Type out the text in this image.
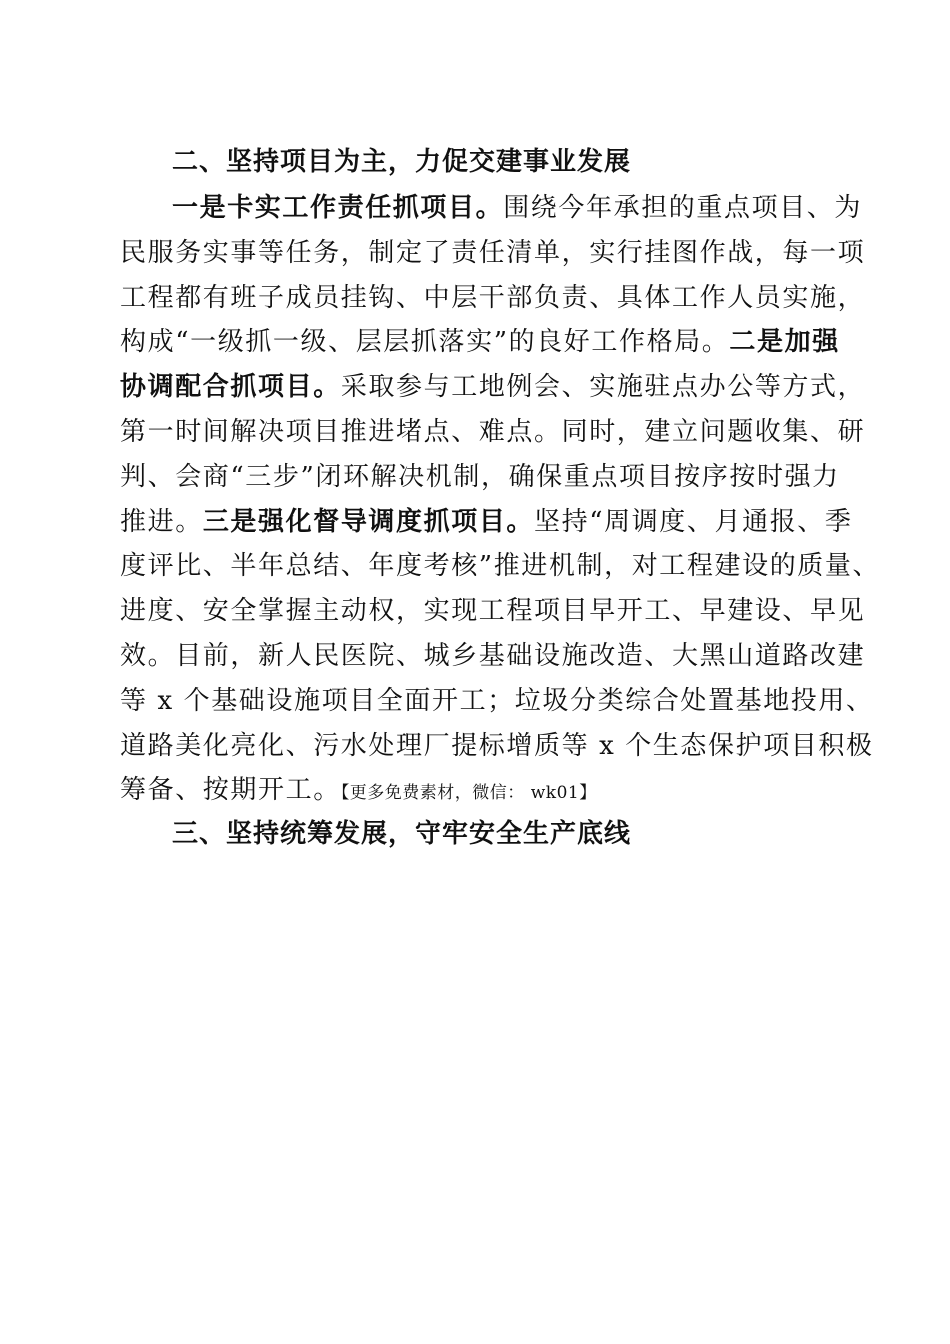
二、坚持项目为主，力促交建事业发展
一是卡实工作责任抓项目。围绕今年承担的重点项目、为
民服务实事等任务，制定了责任清单，实行挂图作战，每一项
工程都有班子成员挂钩、中层干部负责、具体工作人员实施，
构成“一级抓一级、层层抓落实”的良好工作格局。二是加强
协调配合抓项目。采取参与工地例会、实施驻点办公等方式，
第一时间解决项目推进堵点、难点。同时，建立问题收集、研
判、会商“三步”闭环解决机制，确保重点项目按序按时强力
推进。三是强化督导调度抓项目。坚持“周调度、月通报、季
度评比、半年总结、年度考核”推进机制，对工程建设的质量、
进度、安全掌握主动权，实现工程项目早开工、早建设、早见
效。目前，新人民医院、城乡基础设施改造、大黑山道路改建
等 x 个基础设施项目全面开工；垃圾分类综合处置基地投用、
道路美化亮化、污水处理厂提标增质等 x 个生态保护项目积极
筹备、按期开工。【更多免费素材，微信： wk01】
三、坚持统筹发展，守牢安全生产底线
